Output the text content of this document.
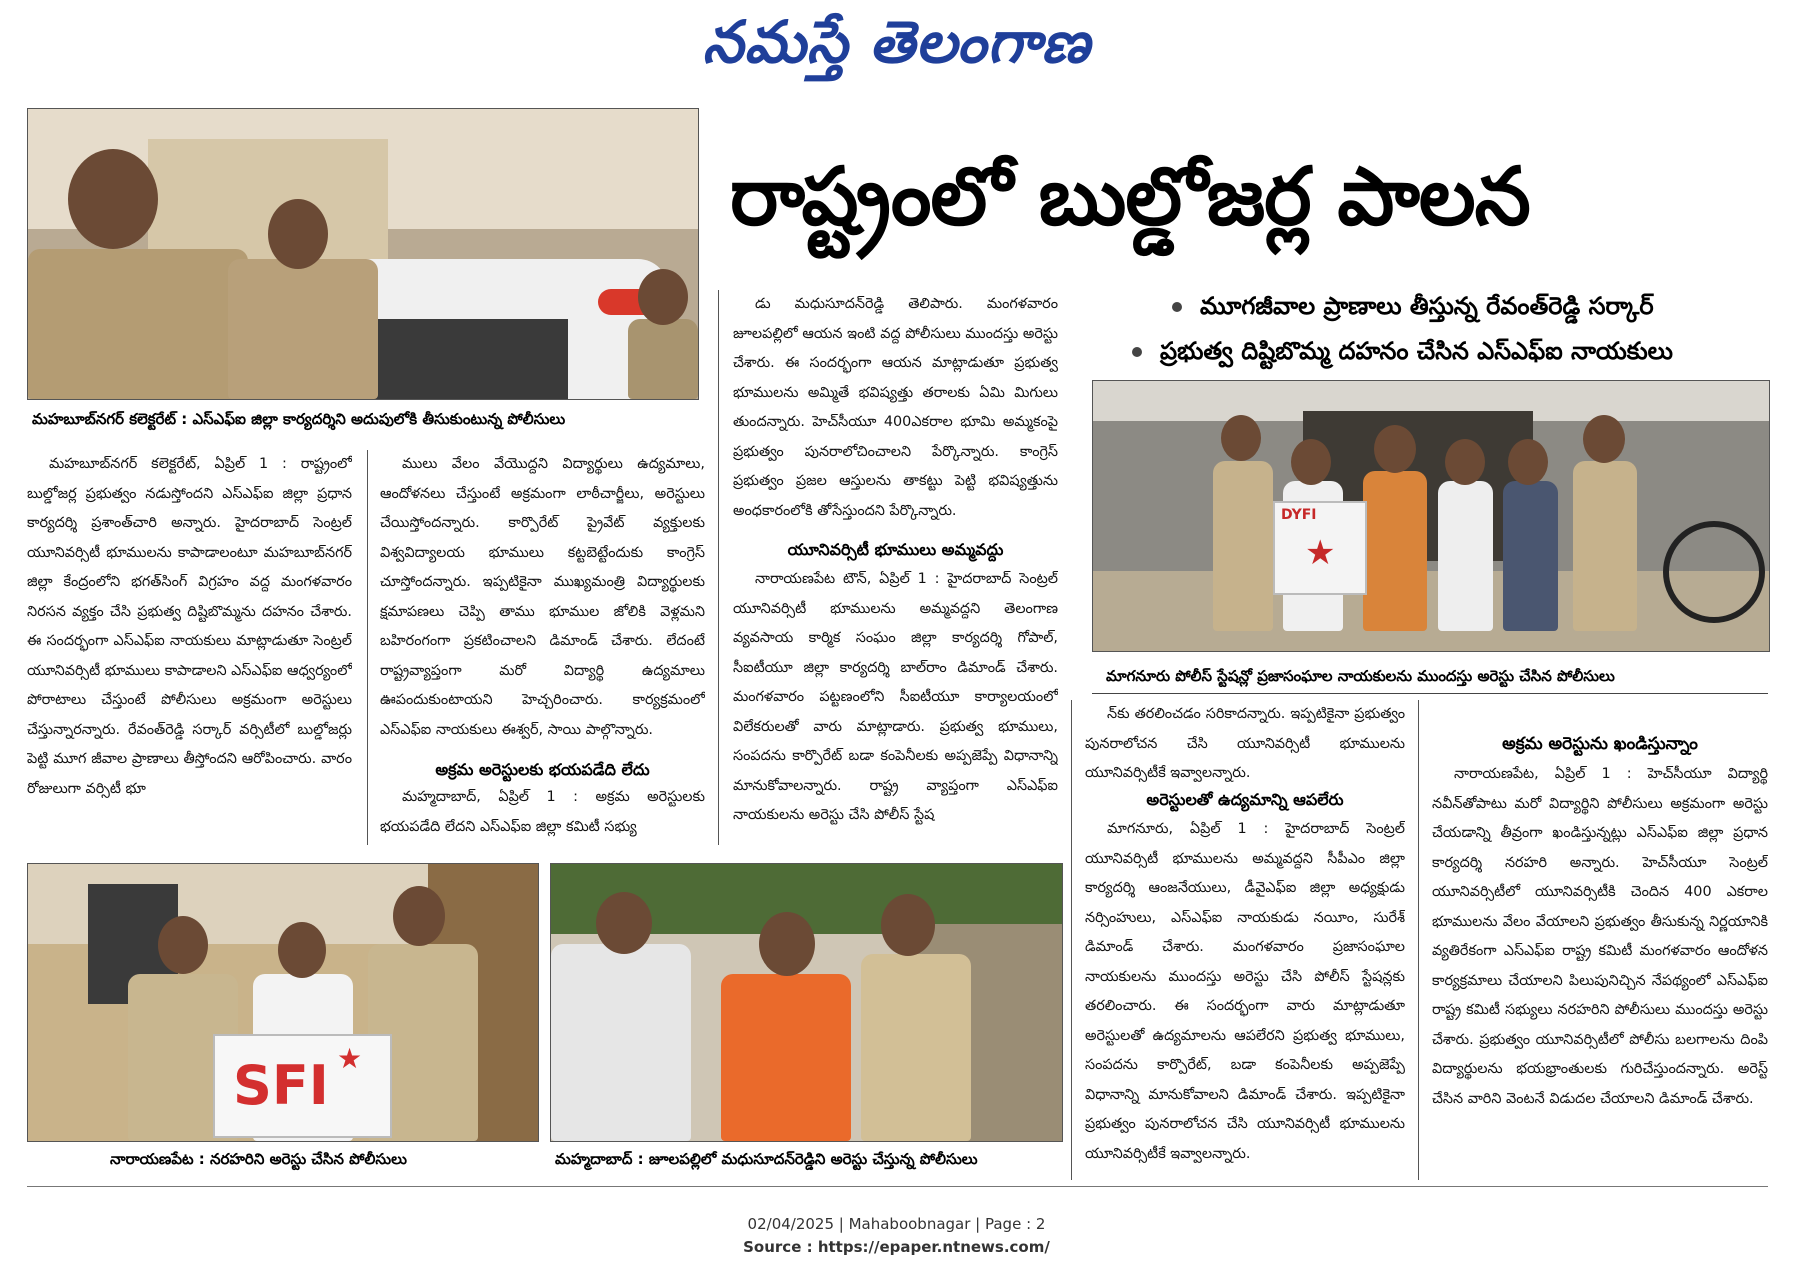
నమస్తే తెలంగాణ
మహబూబ్‌నగర్ కలెక్టరేట్ : ఎస్‌ఎఫ్‌ఐ జిల్లా కార్యదర్శిని అదుపులోకి తీసుకుంటున్న పోలీసులు
రాష్ట్రంలో బుల్డోజర్ల పాలన
మూగజీవాల ప్రాణాలు తీస్తున్న రేవంత్‌రెడ్డి సర్కార్
ప్రభుత్వ దిష్టిబొమ్మ దహనం చేసిన ఎస్‌ఎఫ్‌ఐ నాయకులు
DYFI
★
మాగనూరు పోలీస్ స్టేషన్లో ప్రజాసంఘాల నాయకులను ముందస్తు అరెస్టు చేసిన పోలీసులు

మహబూబ్‌నగర్ కలెక్టరేట్, ఏప్రిల్ 1 : రాష్ట్రంలో బుల్డోజర్ల ప్రభుత్వం నడుస్తోందని ఎస్‌ఎఫ్‌ఐ జిల్లా ప్రధాన కార్యదర్శి ప్రశాంత్‌చారి అన్నారు. హైదరాబాద్ సెంట్రల్ యూనివర్సిటీ భూములను కాపాడాలంటూ మహబూబ్‌నగర్ జిల్లా కేంద్రంలోని భగత్‌సింగ్ విగ్రహం వద్ద మంగళవారం నిరసన వ్యక్తం చేసి ప్రభుత్వ దిష్టిబొమ్మను దహనం చేశారు. ఈ సందర్భంగా ఎస్‌ఎఫ్‌ఐ నాయకులు మాట్లాడుతూ సెంట్రల్ యూనివర్సిటీ భూములు కాపాడాలని ఎస్‌ఎఫ్‌ఐ ఆధ్వర్యంలో పోరాటాలు చేస్తుంటే పోలీసులు అక్రమంగా అరెస్టులు చేస్తున్నారన్నారు. రేవంత్‌రెడ్డి సర్కార్ వర్సిటీలో బుల్డోజర్లు పెట్టి మూగ జీవాల ప్రాణాలు తీస్తోందని ఆరోపించారు. వారం రోజులుగా వర్సిటీ భూ

ములు వేలం వేయొద్దని విద్యార్థులు ఉద్యమాలు, ఆందోళనలు చేస్తుంటే అక్రమంగా లాఠీచార్జీలు, అరెస్టులు చేయిస్తోందన్నారు. కార్పొరేట్ ప్రైవేట్ వ్యక్తులకు విశ్వవిద్యాలయ భూములు కట్టబెట్టేందుకు కాంగ్రెస్ చూస్తోందన్నారు. ఇప్పటికైనా ముఖ్యమంత్రి విద్యార్థులకు క్షమాపణలు చెప్పి తాము భూముల జోలికి వెళ్లమని బహిరంగంగా ప్రకటించాలని డిమాండ్ చేశారు. లేదంటే రాష్ట్రవ్యాప్తంగా మరో విద్యార్థి ఉద్యమాలు ఊపందుకుంటాయని హెచ్చరించారు. కార్యక్రమంలో ఎస్‌ఎఫ్‌ఐ నాయకులు ఈశ్వర్, సాయి పాల్గొన్నారు.

అక్రమ అరెస్టులకు భయపడేది లేదు

మహ్మదాబాద్, ఏప్రిల్ 1 : అక్రమ అరెస్టులకు భయపడేది లేదని ఎస్‌ఎఫ్‌ఐ జిల్లా కమిటీ సభ్యు

డు మధుసూదన్‌రెడ్డి తెలిపారు. మంగళవారం జూలపల్లిలో ఆయన ఇంటి వద్ద పోలీసులు ముందస్తు అరెస్టు చేశారు. ఈ సందర్భంగా ఆయన మాట్లాడుతూ ప్రభుత్వ భూములను అమ్మితే భవిష్యత్తు తరాలకు ఏమి మిగులు తుందన్నారు. హెచ్‌సీయూ 400ఎకరాల భూమి అమ్మకంపై ప్రభుత్వం పునరాలోచించాలని పేర్కొన్నారు. కాంగ్రెస్ ప్రభుత్వం ప్రజల ఆస్తులను తాకట్టు పెట్టి భవిష్యత్తును అంధకారంలోకి తోసేస్తుందని పేర్కొన్నారు.

యూనివర్సిటీ భూములు అమ్మవద్దు

నారాయణపేట టౌన్, ఏప్రిల్ 1 : హైదరాబాద్ సెంట్రల్ యూనివర్సిటీ భూములను అమ్మవద్దని తెలంగాణ వ్యవసాయ కార్మిక సంఘం జిల్లా కార్యదర్శి గోపాల్, సీఐటీయూ జిల్లా కార్యదర్శి బాల్‌రాం డిమాండ్ చేశారు. మంగళవారం పట్టణంలోని సీఐటీయూ కార్యాలయంలో విలేకరులతో వారు మాట్లాడారు. ప్రభుత్వ భూములు, సంపదను కార్పొరేట్ బడా కంపెనీలకు అప్పజెప్పే విధానాన్ని మానుకోవాలన్నారు. రాష్ట్ర వ్యాప్తంగా ఎస్‌ఎఫ్‌ఐ నాయకులను అరెస్టు చేసి పోలీస్ స్టేష

న్‌కు తరలించడం సరికాదన్నారు. ఇప్పటికైనా ప్రభుత్వం పునరాలోచన చేసి యూనివర్సిటీ భూములను యూనివర్సిటీకే ఇవ్వాలన్నారు.

అరెస్టులతో ఉద్యమాన్ని ఆపలేరు

మాగనూరు, ఏప్రిల్ 1 : హైదరాబాద్ సెంట్రల్ యూనివర్సిటీ భూములను అమ్మవద్దని సీపీఎం జిల్లా కార్యదర్శి ఆంజనేయులు, డీవైఎఫ్‌ఐ జిల్లా అధ్యక్షుడు నర్సింహులు, ఎస్‌ఎఫ్‌ఐ నాయకుడు నయీం, సురేశ్ డిమాండ్ చేశారు. మంగళవారం ప్రజాసంఘాల నాయకులను ముందస్తు అరెస్టు చేసి పోలీస్ స్టేషన్లకు తరలించారు. ఈ సందర్భంగా వారు మాట్లాడుతూ అరెస్టులతో ఉద్యమాలను ఆపలేరని ప్రభుత్వ భూములు, సంపదను కార్పొరేట్, బడా కంపెనీలకు అప్పజెప్పే విధానాన్ని మానుకోవాలని డిమాండ్ చేశారు. ఇప్పటికైనా ప్రభుత్వం పునరాలోచన చేసి యూనివర్సిటీ భూములను యూనివర్సిటీకే ఇవ్వాలన్నారు.

అక్రమ అరెస్టును ఖండిస్తున్నాం

నారాయణపేట, ఏప్రిల్ 1 : హెచ్‌సీయూ విద్యార్థి నవీన్‌తోపాటు మరో విద్యార్థిని పోలీసులు అక్రమంగా అరెస్టు చేయడాన్ని తీవ్రంగా ఖండిస్తున్నట్లు ఎస్‌ఎఫ్‌ఐ జిల్లా ప్రధాన కార్యదర్శి నరహరి అన్నారు. హెచ్‌సీయూ సెంట్రల్ యూనివర్సిటీలో యూనివర్సిటీకి చెందిన 400 ఎకరాల భూములను వేలం వేయాలని ప్రభుత్వం తీసుకున్న నిర్ణయానికి వ్యతిరేకంగా ఎస్‌ఎఫ్‌ఐ రాష్ట్ర కమిటీ మంగళవారం ఆందోళన కార్యక్రమాలు చేయాలని పిలుపునిచ్చిన నేపథ్యంలో ఎస్‌ఎఫ్‌ఐ రాష్ట్ర కమిటీ సభ్యులు నరహరిని పోలీసులు ముందస్తు అరెస్టు చేశారు. ప్రభుత్వం యూనివర్సిటీలో పోలీసు బలగాలను దింపి విద్యార్థులను భయభ్రాంతులకు గురిచేస్తుందన్నారు. అరెస్ట్ చేసిన వారిని వెంటనే విడుదల చేయాలని డిమాండ్ చేశారు.

SFI ★
నారాయణపేట : నరహరిని అరెస్టు చేసిన పోలీసులు	మహ్మదాబాద్ : జూలపల్లిలో మధుసూదన్‌రెడ్డిని అరెస్టు చేస్తున్న పోలీసులు
02/04/2025 | Mahaboobnagar | Page : 2
Source : https://epaper.ntnews.com/
